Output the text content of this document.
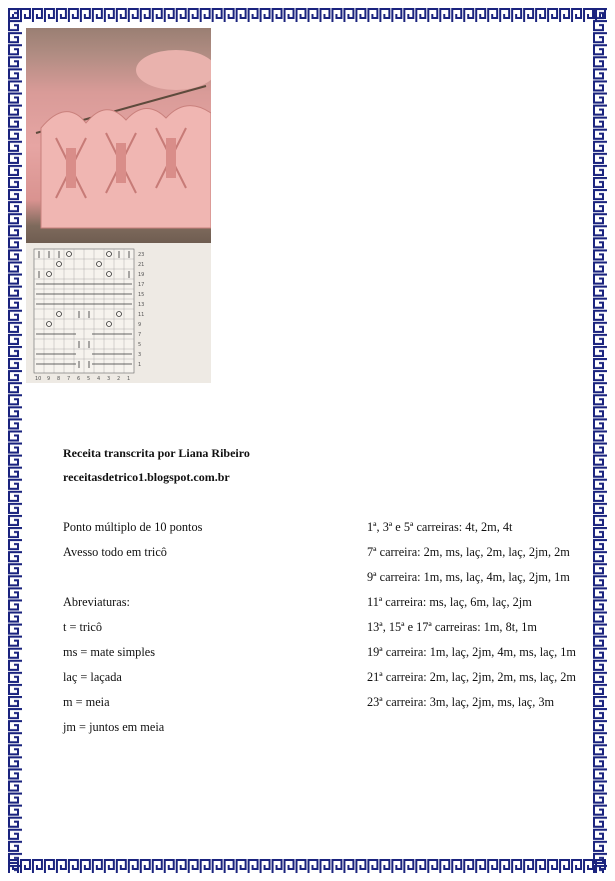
23
21
19
17
15
13
11
9
7
5
3
1
10 9 8 7 6 5 4 3 2 1
Receita transcrita por Liana Ribeiro
receitasdetrico1.blogspot.com.br
Ponto múltiplo de 10 pontos
Avesso todo em tricô
Abreviaturas:
t = tricô
ms = mate simples
laç = laçada
m = meia
jm = juntos em meia
1ª, 3ª e 5ª carreiras: 4t, 2m, 4t
7ª carreira: 2m, ms, laç, 2m, laç, 2jm, 2m
9ª carreira: 1m, ms, laç, 4m, laç, 2jm, 1m
11ª carreira: ms, laç, 6m, laç, 2jm
13ª, 15ª e 17ª carreiras: 1m, 8t, 1m
19ª carreira: 1m, laç, 2jm, 4m, ms, laç, 1m
21ª carreira: 2m, laç, 2jm, 2m, ms, laç, 2m
23ª carreira: 3m, laç, 2jm, ms, laç, 3m
